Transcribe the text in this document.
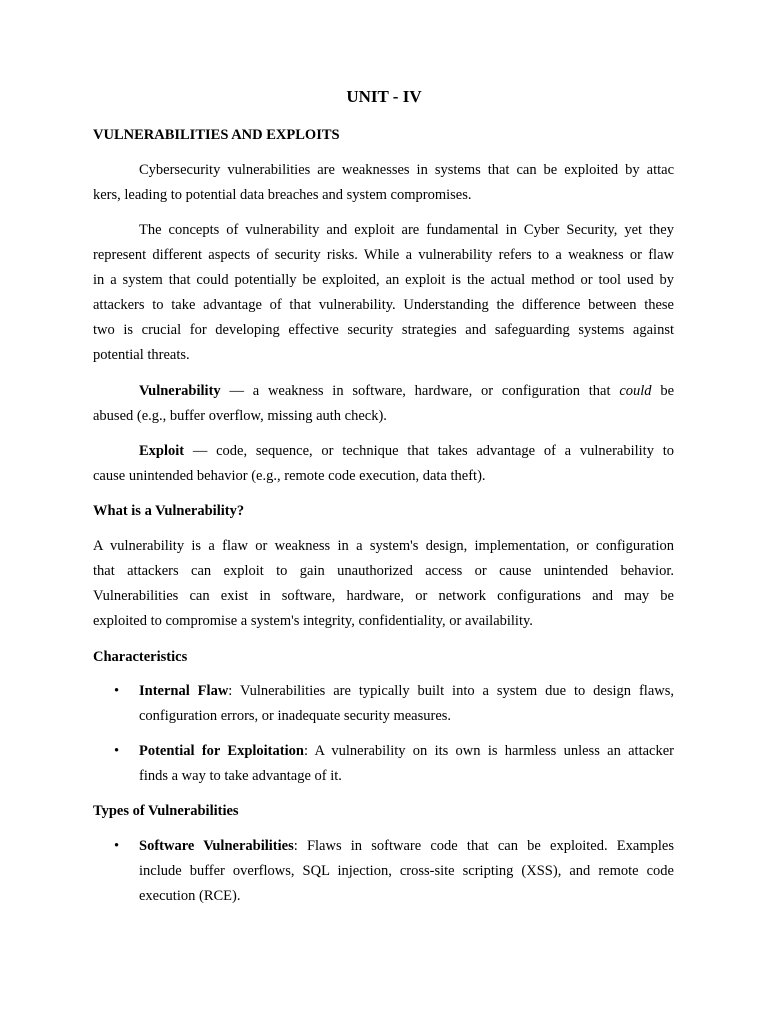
UNIT - IV
VULNERABILITIES AND EXPLOITS
Cybersecurity vulnerabilities are weaknesses in systems that can be exploited by attac
kers, leading to potential data breaches and system compromises.
The concepts of vulnerability and exploit are fundamental in Cyber Security, yet they
represent different aspects of security risks. While a vulnerability refers to a weakness or flaw
in a system that could potentially be exploited, an exploit is the actual method or tool used by
attackers to take advantage of that vulnerability. Understanding the difference between these
two is crucial for developing effective security strategies and safeguarding systems against
potential threats.
Vulnerability — a weakness in software, hardware, or configuration that could be
abused (e.g., buffer overflow, missing auth check).
Exploit — code, sequence, or technique that takes advantage of a vulnerability to
cause unintended behavior (e.g., remote code execution, data theft).
What is a Vulnerability?
A vulnerability is a flaw or weakness in a system's design, implementation, or configuration
that attackers can exploit to gain unauthorized access or cause unintended behavior.
Vulnerabilities can exist in software, hardware, or network configurations and may be
exploited to compromise a system's integrity, confidentiality, or availability.
Characteristics
• Internal Flaw: Vulnerabilities are typically built into a system due to design flaws,
configuration errors, or inadequate security measures.
• Potential for Exploitation: A vulnerability on its own is harmless unless an attacker
finds a way to take advantage of it.
Types of Vulnerabilities
• Software Vulnerabilities: Flaws in software code that can be exploited. Examples
include buffer overflows, SQL injection, cross-site scripting (XSS), and remote code
execution (RCE).
